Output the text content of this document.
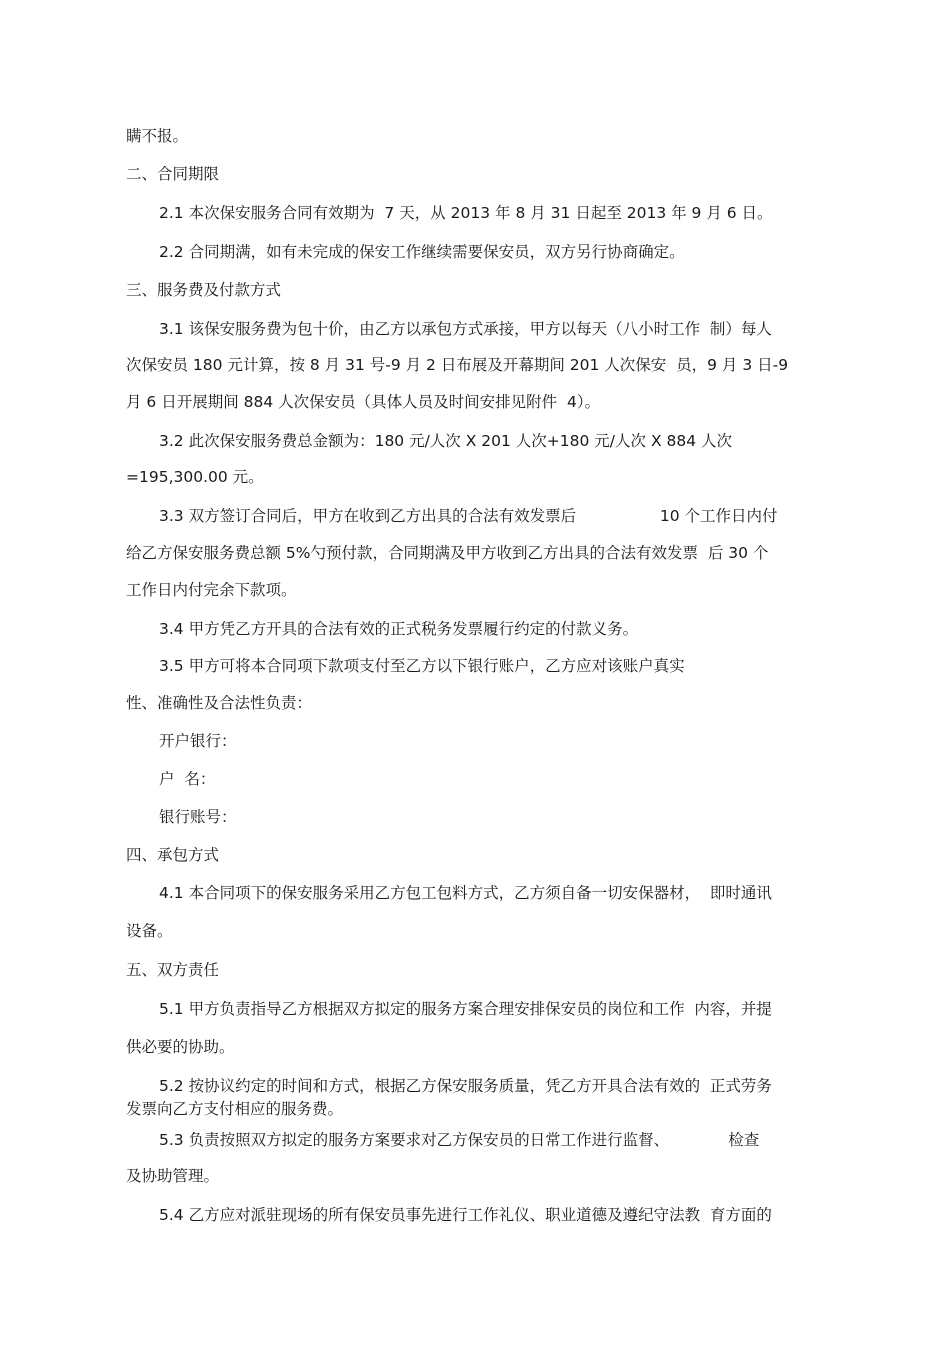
瞒不报。
二、合同期限
2.1 本次保安服务合同有效期为  7 天，从 2013 年 8 月 31 日起至 2013 年 9 月 6 日。
2.2 合同期满，如有未完成的保安工作继续需要保安员，双方另行协商确定。
三、服务费及付款方式
3.1 该保安服务费为包十价，由乙方以承包方式承接，甲方以每天（八小时工作  制）每人
次保安员 180 元计算，按 8 月 31 号-9 月 2 日布展及开幕期间 201 人次保安  员，9 月 3 日-9
月 6 日开展期间 884 人次保安员（具体人员及时间安排见附件  4）。
3.2 此次保安服务费总金额为：180 元/人次 X 201 人次+180 元/人次 X 884 人次
=195,300.00 元。
3.3 双方签订合同后，甲方在收到乙方出具的合法有效发票后                 10 个工作日内付
给乙方保安服务费总额 5%勺预付款，合同期满及甲方收到乙方出具的合法有效发票  后 30 个
工作日内付完余下款项。
3.4 甲方凭乙方开具的合法有效的正式税务发票履行约定的付款义务。
3.5 甲方可将本合同项下款项支付至乙方以下银行账户，乙方应对该账户真实
性、准确性及合法性负责：
开户银行：
户  名：
银行账号：
四、承包方式
4.1 本合同项下的保安服务采用乙方包工包料方式，乙方须自备一切安保器材，  即时通讯
设备。
五、双方责任
5.1 甲方负责指导乙方根据双方拟定的服务方案合理安排保安员的岗位和工作  内容，并提
供必要的协助。
5.2 按协议约定的时间和方式，根据乙方保安服务质量，凭乙方开具合法有效的  正式劳务
发票向乙方支付相应的服务费。
5.3 负责按照双方拟定的服务方案要求对乙方保安员的日常工作进行监督、            检查
及协助管理。
5.4 乙方应对派驻现场的所有保安员事先进行工作礼仪、职业道德及遵纪守法教  育方面的
